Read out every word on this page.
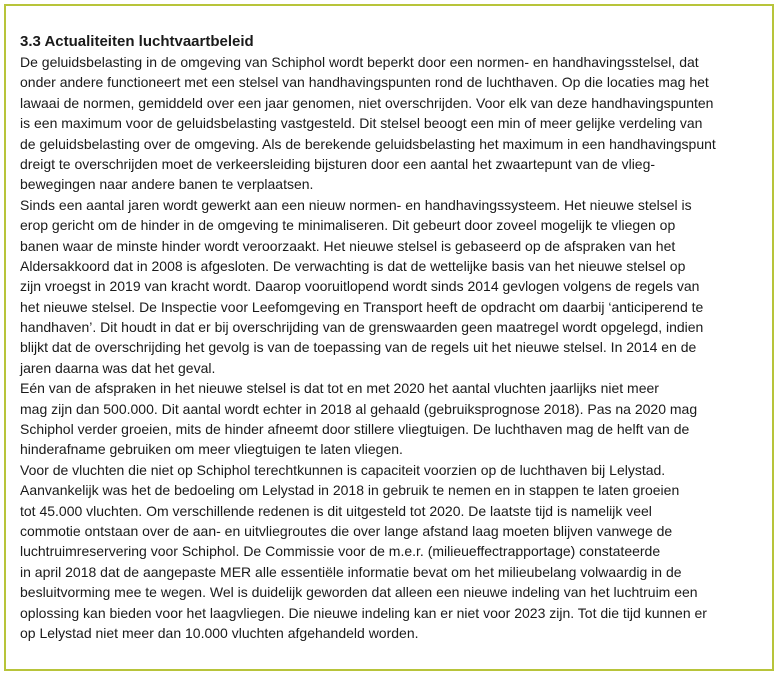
3.3 Actualiteiten luchtvaartbeleid
De geluidsbelasting in de omgeving van Schiphol wordt beperkt door een normen- en handhavingsstelsel, dat
onder andere functioneert met een stelsel van handhavingspunten rond de luchthaven. Op die locaties mag het
lawaai de normen, gemiddeld over een jaar genomen, niet overschrijden. Voor elk van deze handhavingspunten
is een maximum voor de geluidsbelasting vastgesteld. Dit stelsel beoogt een min of meer gelijke verdeling van
de geluidsbelasting over de omgeving. Als de berekende geluidsbelasting het maximum in een handhavingspunt
dreigt te overschrijden moet de verkeersleiding bijsturen door een aantal het zwaartepunt van de vlieg-
bewegingen naar andere banen te verplaatsen.
Sinds een aantal jaren wordt gewerkt aan een nieuw normen- en handhavingssysteem. Het nieuwe stelsel is
erop gericht om de hinder in de omgeving te minimaliseren. Dit gebeurt door zoveel mogelijk te vliegen op
banen waar de minste hinder wordt veroorzaakt. Het nieuwe stelsel is gebaseerd op de afspraken van het
Aldersakkoord dat in 2008 is afgesloten. De verwachting is dat de wettelijke basis van het nieuwe stelsel op
zijn vroegst in 2019 van kracht wordt. Daarop vooruitlopend wordt sinds 2014 gevlogen volgens de regels van
het nieuwe stelsel. De Inspectie voor Leefomgeving en Transport heeft de opdracht om daarbij ‘anticiperend te
handhaven’. Dit houdt in dat er bij overschrijding van de grenswaarden geen maatregel wordt opgelegd, indien
blijkt dat de overschrijding het gevolg is van de toepassing van de regels uit het nieuwe stelsel. In 2014 en de
jaren daarna was dat het geval.
Eén van de afspraken in het nieuwe stelsel is dat tot en met 2020 het aantal vluchten jaarlijks niet meer
mag zijn dan 500.000. Dit aantal wordt echter in 2018 al gehaald (gebruiksprognose 2018). Pas na 2020 mag
Schiphol verder groeien, mits de hinder afneemt door stillere vliegtuigen. De luchthaven mag de helft van de
hinderafname gebruiken om meer vliegtuigen te laten vliegen.
Voor de vluchten die niet op Schiphol terechtkunnen is capaciteit voorzien op de luchthaven bij Lelystad.
Aanvankelijk was het de bedoeling om Lelystad in 2018 in gebruik te nemen en in stappen te laten groeien
tot 45.000 vluchten. Om verschillende redenen is dit uitgesteld tot 2020. De laatste tijd is namelijk veel
commotie ontstaan over de aan- en uitvliegroutes die over lange afstand laag moeten blijven vanwege de
luchtruimreservering voor Schiphol. De Commissie voor de m.e.r. (milieueffectrapportage) constateerde
in april 2018 dat de aangepaste MER alle essentiële informatie bevat om het milieubelang volwaardig in de
besluitvorming mee te wegen. Wel is duidelijk geworden dat alleen een nieuwe indeling van het luchtruim een
oplossing kan bieden voor het laagvliegen. Die nieuwe indeling kan er niet voor 2023 zijn. Tot die tijd kunnen er
op Lelystad niet meer dan 10.000 vluchten afgehandeld worden.
